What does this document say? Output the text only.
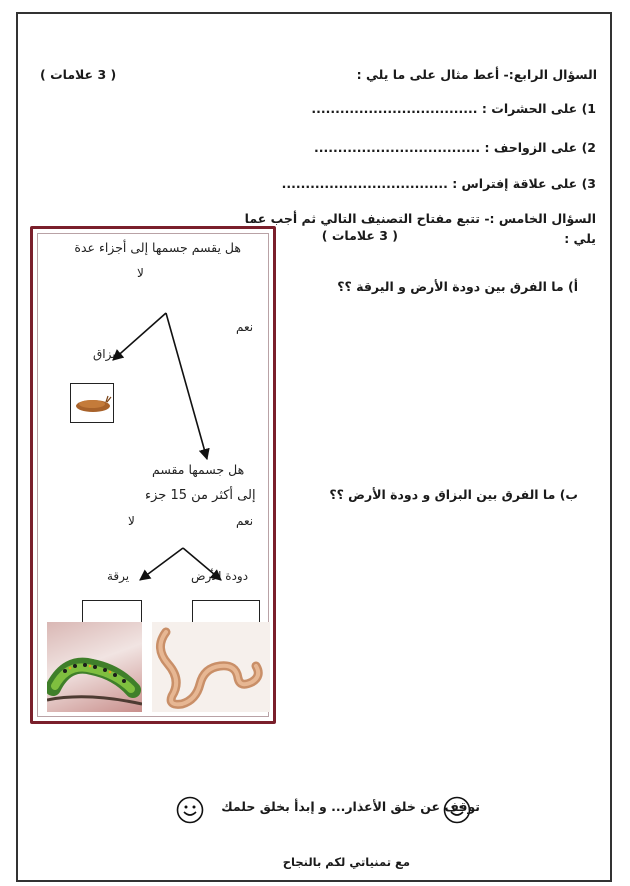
( 3 علامات )	السؤال الرابع:- أعط مثال على ما يلي :
1) على الحشرات : ...................................
2) على الزواحف : ...................................
3) على علاقة إفتراس : ...................................
السؤال الخامس :- تتبع مفتاح التصنيف التالي ثم أجب عما
يلي :
( 3 علامات )
أ) ما الفرق بين دودة الأرض و اليرقة ؟؟
ب) ما الفرق بين البزاق و دودة الأرض ؟؟
هل يقسم جسمها إلى أجزاء عدة
لا
نعم
بزاق
هل جسمها مقسم
إلى أكثر من 15 جزء
لا	نعم
دودة الأرض
يرقة
توقف عن خلق الأعذار... و إبدأ بخلق حلمك
مع تمنياتي لكم بالنجاح
